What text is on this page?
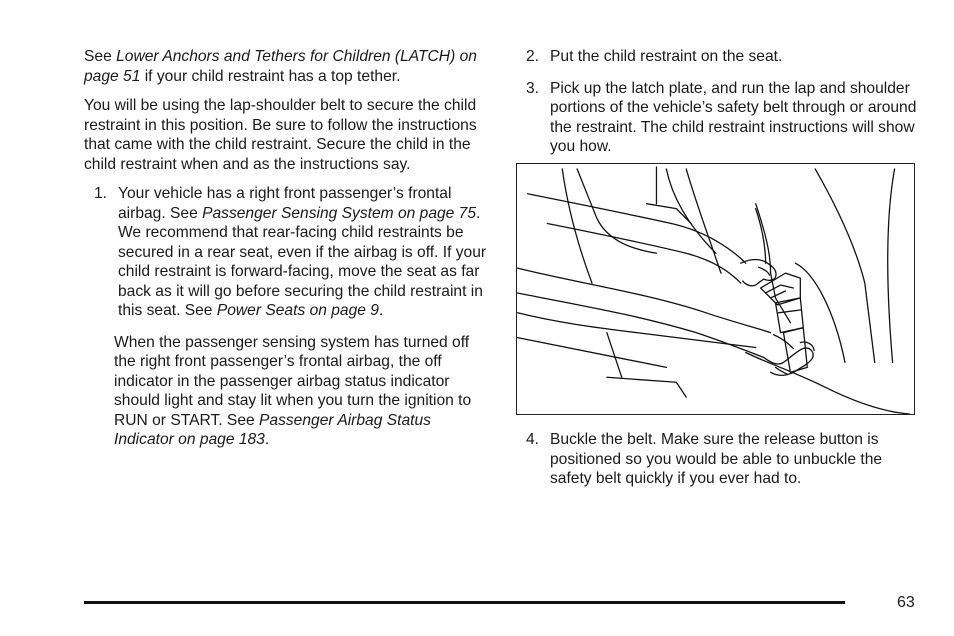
See Lower Anchors and Tethers for Children (LATCH) on page 51 if your child restraint has a top tether.

You will be using the lap-shoulder belt to secure the child restraint in this position. Be sure to follow the instructions that came with the child restraint. Secure the child in the child restraint when and as the instructions say.

1. Your vehicle has a right front passenger’s frontal airbag. See Passenger Sensing System on page 75. We recommend that rear-facing child restraints be secured in a rear seat, even if the airbag is off. If your child restraint is forward-facing, move the seat as far back as it will go before securing the child restraint in this seat. See Power Seats on page 9.

When the passenger sensing system has turned off the right front passenger’s frontal airbag, the off indicator in the passenger airbag status indicator should light and stay lit when you turn the ignition to RUN or START. See Passenger Airbag Status Indicator on page 183.

2. Put the child restraint on the seat.
3. Pick up the latch plate, and run the lap and shoulder portions of the vehicle’s safety belt through or around the restraint. The child restraint instructions will show you how.
4. Buckle the belt. Make sure the release button is positioned so you would be able to unbuckle the safety belt quickly if you ever had to.
63
